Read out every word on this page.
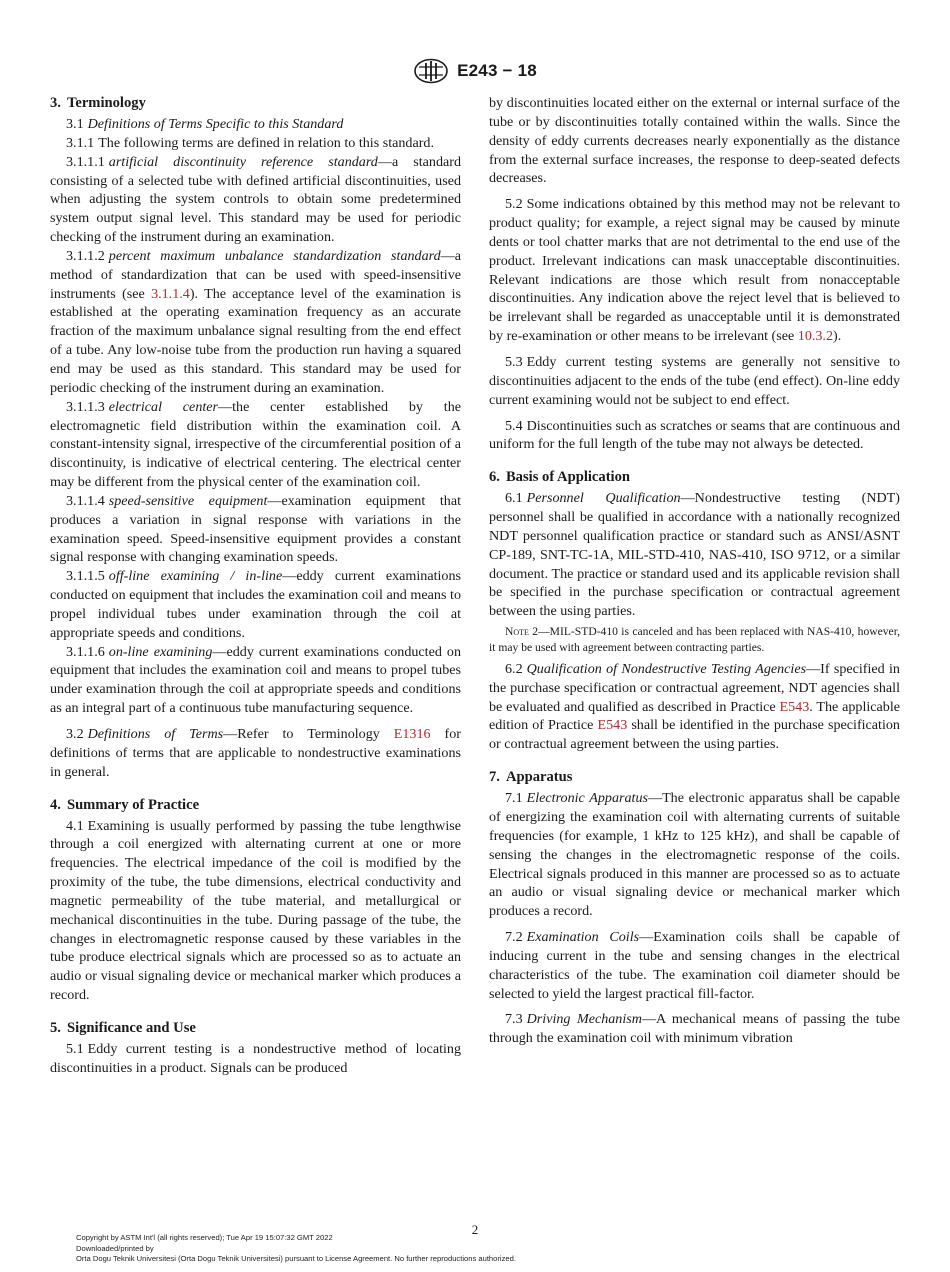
E243 − 18
3. Terminology

3.1 Definitions of Terms Specific to this Standard

3.1.1 The following terms are defined in relation to this standard.

3.1.1.1 artificial discontinuity reference standard—a standard consisting of a selected tube with defined artificial discontinuities, used when adjusting the system controls to obtain some predetermined system output signal level. This standard may be used for periodic checking of the instrument during an examination.

3.1.1.2 percent maximum unbalance standardization standard—a method of standardization that can be used with speed-insensitive instruments (see 3.1.1.4). The acceptance level of the examination is established at the operating examination frequency as an accurate fraction of the maximum unbalance signal resulting from the end effect of a tube. Any low-noise tube from the production run having a squared end may be used as this standard. This standard may be used for periodic checking of the instrument during an examination.

3.1.1.3 electrical center—the center established by the electromagnetic field distribution within the examination coil. A constant-intensity signal, irrespective of the circumferential position of a discontinuity, is indicative of electrical centering. The electrical center may be different from the physical center of the examination coil.

3.1.1.4 speed-sensitive equipment—examination equipment that produces a variation in signal response with variations in the examination speed. Speed-insensitive equipment provides a constant signal response with changing examination speeds.

3.1.1.5 off-line examining / in-line—eddy current examinations conducted on equipment that includes the examination coil and means to propel individual tubes under examination through the coil at appropriate speeds and conditions.

3.1.1.6 on-line examining—eddy current examinations conducted on equipment that includes the examination coil and means to propel tubes under examination through the coil at appropriate speeds and conditions as an integral part of a continuous tube manufacturing sequence.

3.2 Definitions of Terms—Refer to Terminology E1316 for definitions of terms that are applicable to nondestructive examinations in general.

4. Summary of Practice

4.1 Examining is usually performed by passing the tube lengthwise through a coil energized with alternating current at one or more frequencies. The electrical impedance of the coil is modified by the proximity of the tube, the tube dimensions, electrical conductivity and magnetic permeability of the tube material, and metallurgical or mechanical discontinuities in the tube. During passage of the tube, the changes in electromagnetic response caused by these variables in the tube produce electrical signals which are processed so as to actuate an audio or visual signaling device or mechanical marker which produces a record.

5. Significance and Use

5.1 Eddy current testing is a nondestructive method of locating discontinuities in a product. Signals can be produced

by discontinuities located either on the external or internal surface of the tube or by discontinuities totally contained within the walls. Since the density of eddy currents decreases nearly exponentially as the distance from the external surface increases, the response to deep-seated defects decreases.

5.2 Some indications obtained by this method may not be relevant to product quality; for example, a reject signal may be caused by minute dents or tool chatter marks that are not detrimental to the end use of the product. Irrelevant indications can mask unacceptable discontinuities. Relevant indications are those which result from nonacceptable discontinuities. Any indication above the reject level that is believed to be irrelevant shall be regarded as unacceptable until it is demonstrated by re-examination or other means to be irrelevant (see 10.3.2).

5.3 Eddy current testing systems are generally not sensitive to discontinuities adjacent to the ends of the tube (end effect). On-line eddy current examining would not be subject to end effect.

5.4 Discontinuities such as scratches or seams that are continuous and uniform for the full length of the tube may not always be detected.

6. Basis of Application

6.1 Personnel Qualification—Nondestructive testing (NDT) personnel shall be qualified in accordance with a nationally recognized NDT personnel qualification practice or standard such as ANSI/ASNT CP-189, SNT-TC-1A, MIL-STD-410, NAS-410, ISO 9712, or a similar document. The practice or standard used and its applicable revision shall be specified in the purchase specification or contractual agreement between the using parties.

Note 2—MIL-STD-410 is canceled and has been replaced with NAS-410, however, it may be used with agreement between contracting parties.

6.2 Qualification of Nondestructive Testing Agencies—If specified in the purchase specification or contractual agreement, NDT agencies shall be evaluated and qualified as described in Practice E543. The applicable edition of Practice E543 shall be identified in the purchase specification or contractual agreement between the using parties.

7. Apparatus

7.1 Electronic Apparatus—The electronic apparatus shall be capable of energizing the examination coil with alternating currents of suitable frequencies (for example, 1 kHz to 125 kHz), and shall be capable of sensing the changes in the electromagnetic response of the coils. Electrical signals produced in this manner are processed so as to actuate an audio or visual signaling device or mechanical marker which produces a record.

7.2 Examination Coils—Examination coils shall be capable of inducing current in the tube and sensing changes in the electrical characteristics of the tube. The examination coil diameter should be selected to yield the largest practical fill-factor.

7.3 Driving Mechanism—A mechanical means of passing the tube through the examination coil with minimum vibration

2
Copyright by ASTM Int'l (all rights reserved); Tue Apr 19 15:07:32 GMT 2022
Downloaded/printed by
Orta Dogu Teknik Universitesi (Orta Dogu Teknik Universitesi) pursuant to License Agreement. No further reproductions authorized.
